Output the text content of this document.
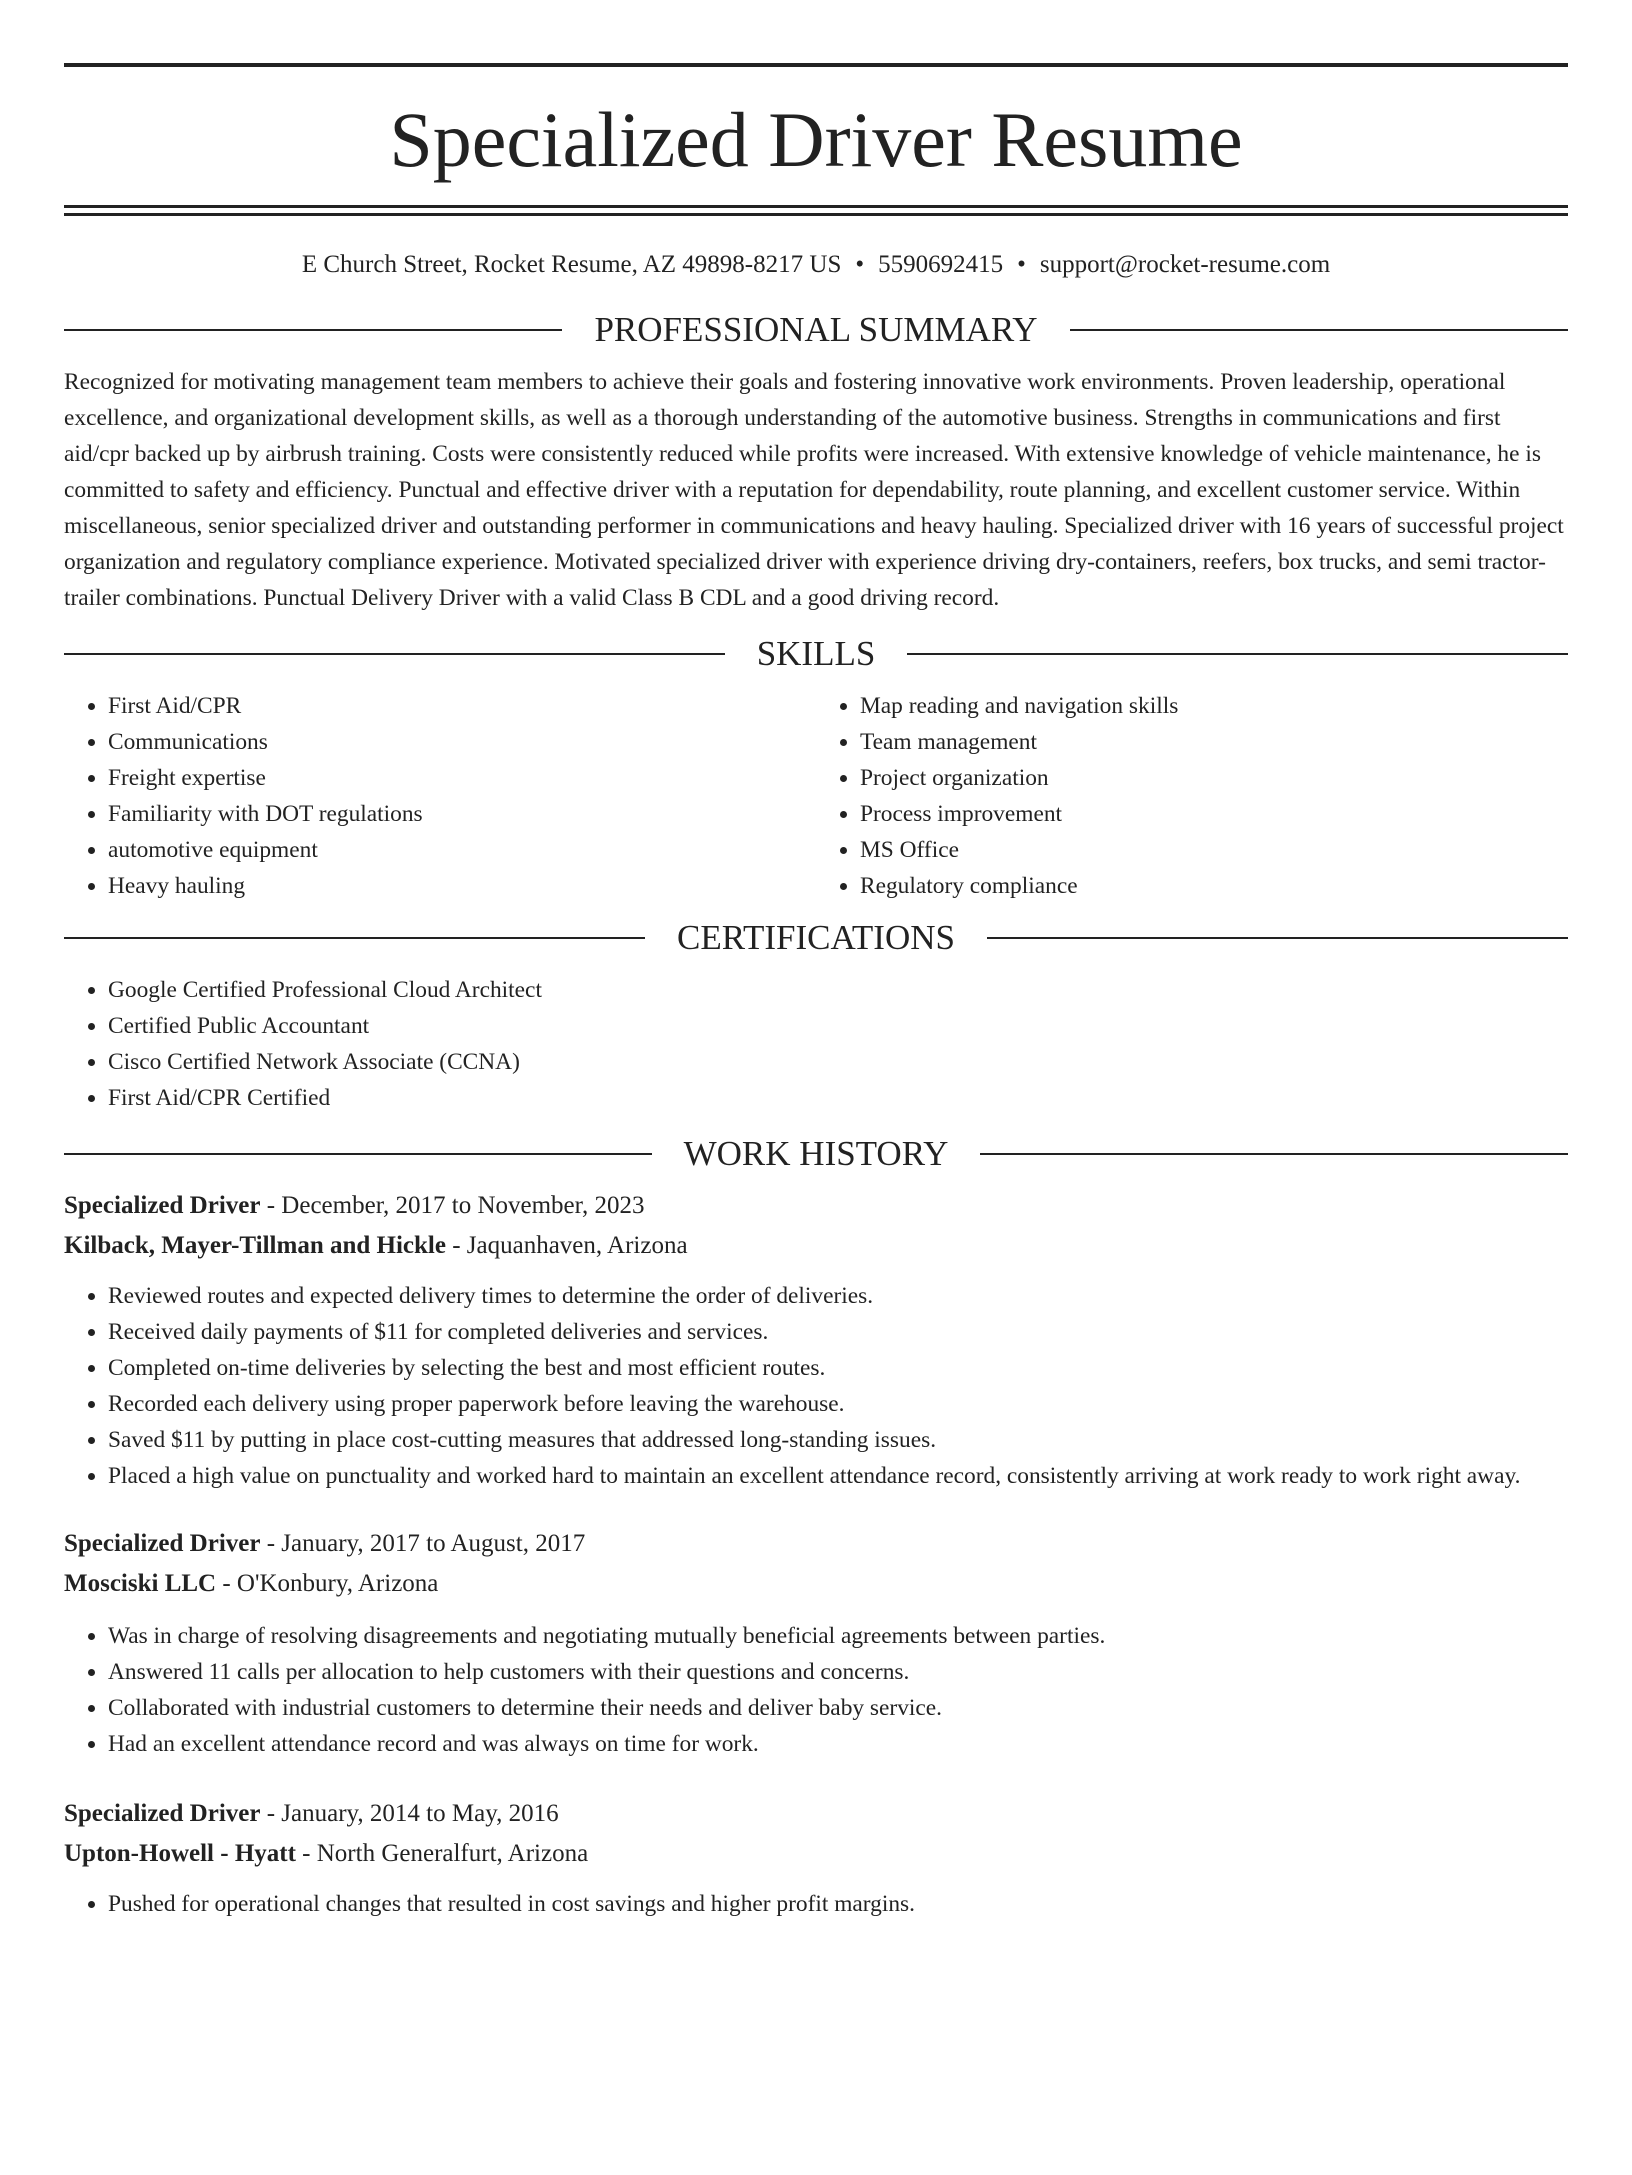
Specialized Driver Resume
E Church Street, Rocket Resume, AZ 49898-8217 US • 5590692415 • support@rocket-resume.com
PROFESSIONAL SUMMARY

Recognized for motivating management team members to achieve their goals and fostering innovative work environments. Proven leadership, operational excellence, and organizational development skills, as well as a thorough understanding of the automotive business. Strengths in communications and first aid/cpr backed up by airbrush training. Costs were consistently reduced while profits were increased. With extensive knowledge of vehicle maintenance, he is committed to safety and efficiency. Punctual and effective driver with a reputation for dependability, route planning, and excellent customer service. Within miscellaneous, senior specialized driver and outstanding performer in communications and heavy hauling. Specialized driver with 16 years of successful project organization and regulatory compliance experience. Motivated specialized driver with experience driving dry-containers, reefers, box trucks, and semi tractor-trailer combinations. Punctual Delivery Driver with a valid Class B CDL and a good driving record.

SKILLS
• First Aid/CPR
• Communications
• Freight expertise
• Familiarity with DOT regulations
• automotive equipment
• Heavy hauling
• Map reading and navigation skills
• Team management
• Project organization
• Process improvement
• MS Office
• Regulatory compliance
CERTIFICATIONS
• Google Certified Professional Cloud Architect
• Certified Public Accountant
• Cisco Certified Network Associate (CCNA)
• First Aid/CPR Certified
WORK HISTORY
Specialized Driver - December, 2017 to November, 2023
Kilback, Mayer-Tillman and Hickle - Jaquanhaven, Arizona
• Reviewed routes and expected delivery times to determine the order of deliveries.
• Received daily payments of $11 for completed deliveries and services.
• Completed on-time deliveries by selecting the best and most efficient routes.
• Recorded each delivery using proper paperwork before leaving the warehouse.
• Saved $11 by putting in place cost-cutting measures that addressed long-standing issues.
• Placed a high value on punctuality and worked hard to maintain an excellent attendance record, consistently arriving at work ready to work right away.
Specialized Driver - January, 2017 to August, 2017
Mosciski LLC - O'Konbury, Arizona
• Was in charge of resolving disagreements and negotiating mutually beneficial agreements between parties.
• Answered 11 calls per allocation to help customers with their questions and concerns.
• Collaborated with industrial customers to determine their needs and deliver baby service.
• Had an excellent attendance record and was always on time for work.
Specialized Driver - January, 2014 to May, 2016
Upton-Howell - Hyatt - North Generalfurt, Arizona
• Pushed for operational changes that resulted in cost savings and higher profit margins.
